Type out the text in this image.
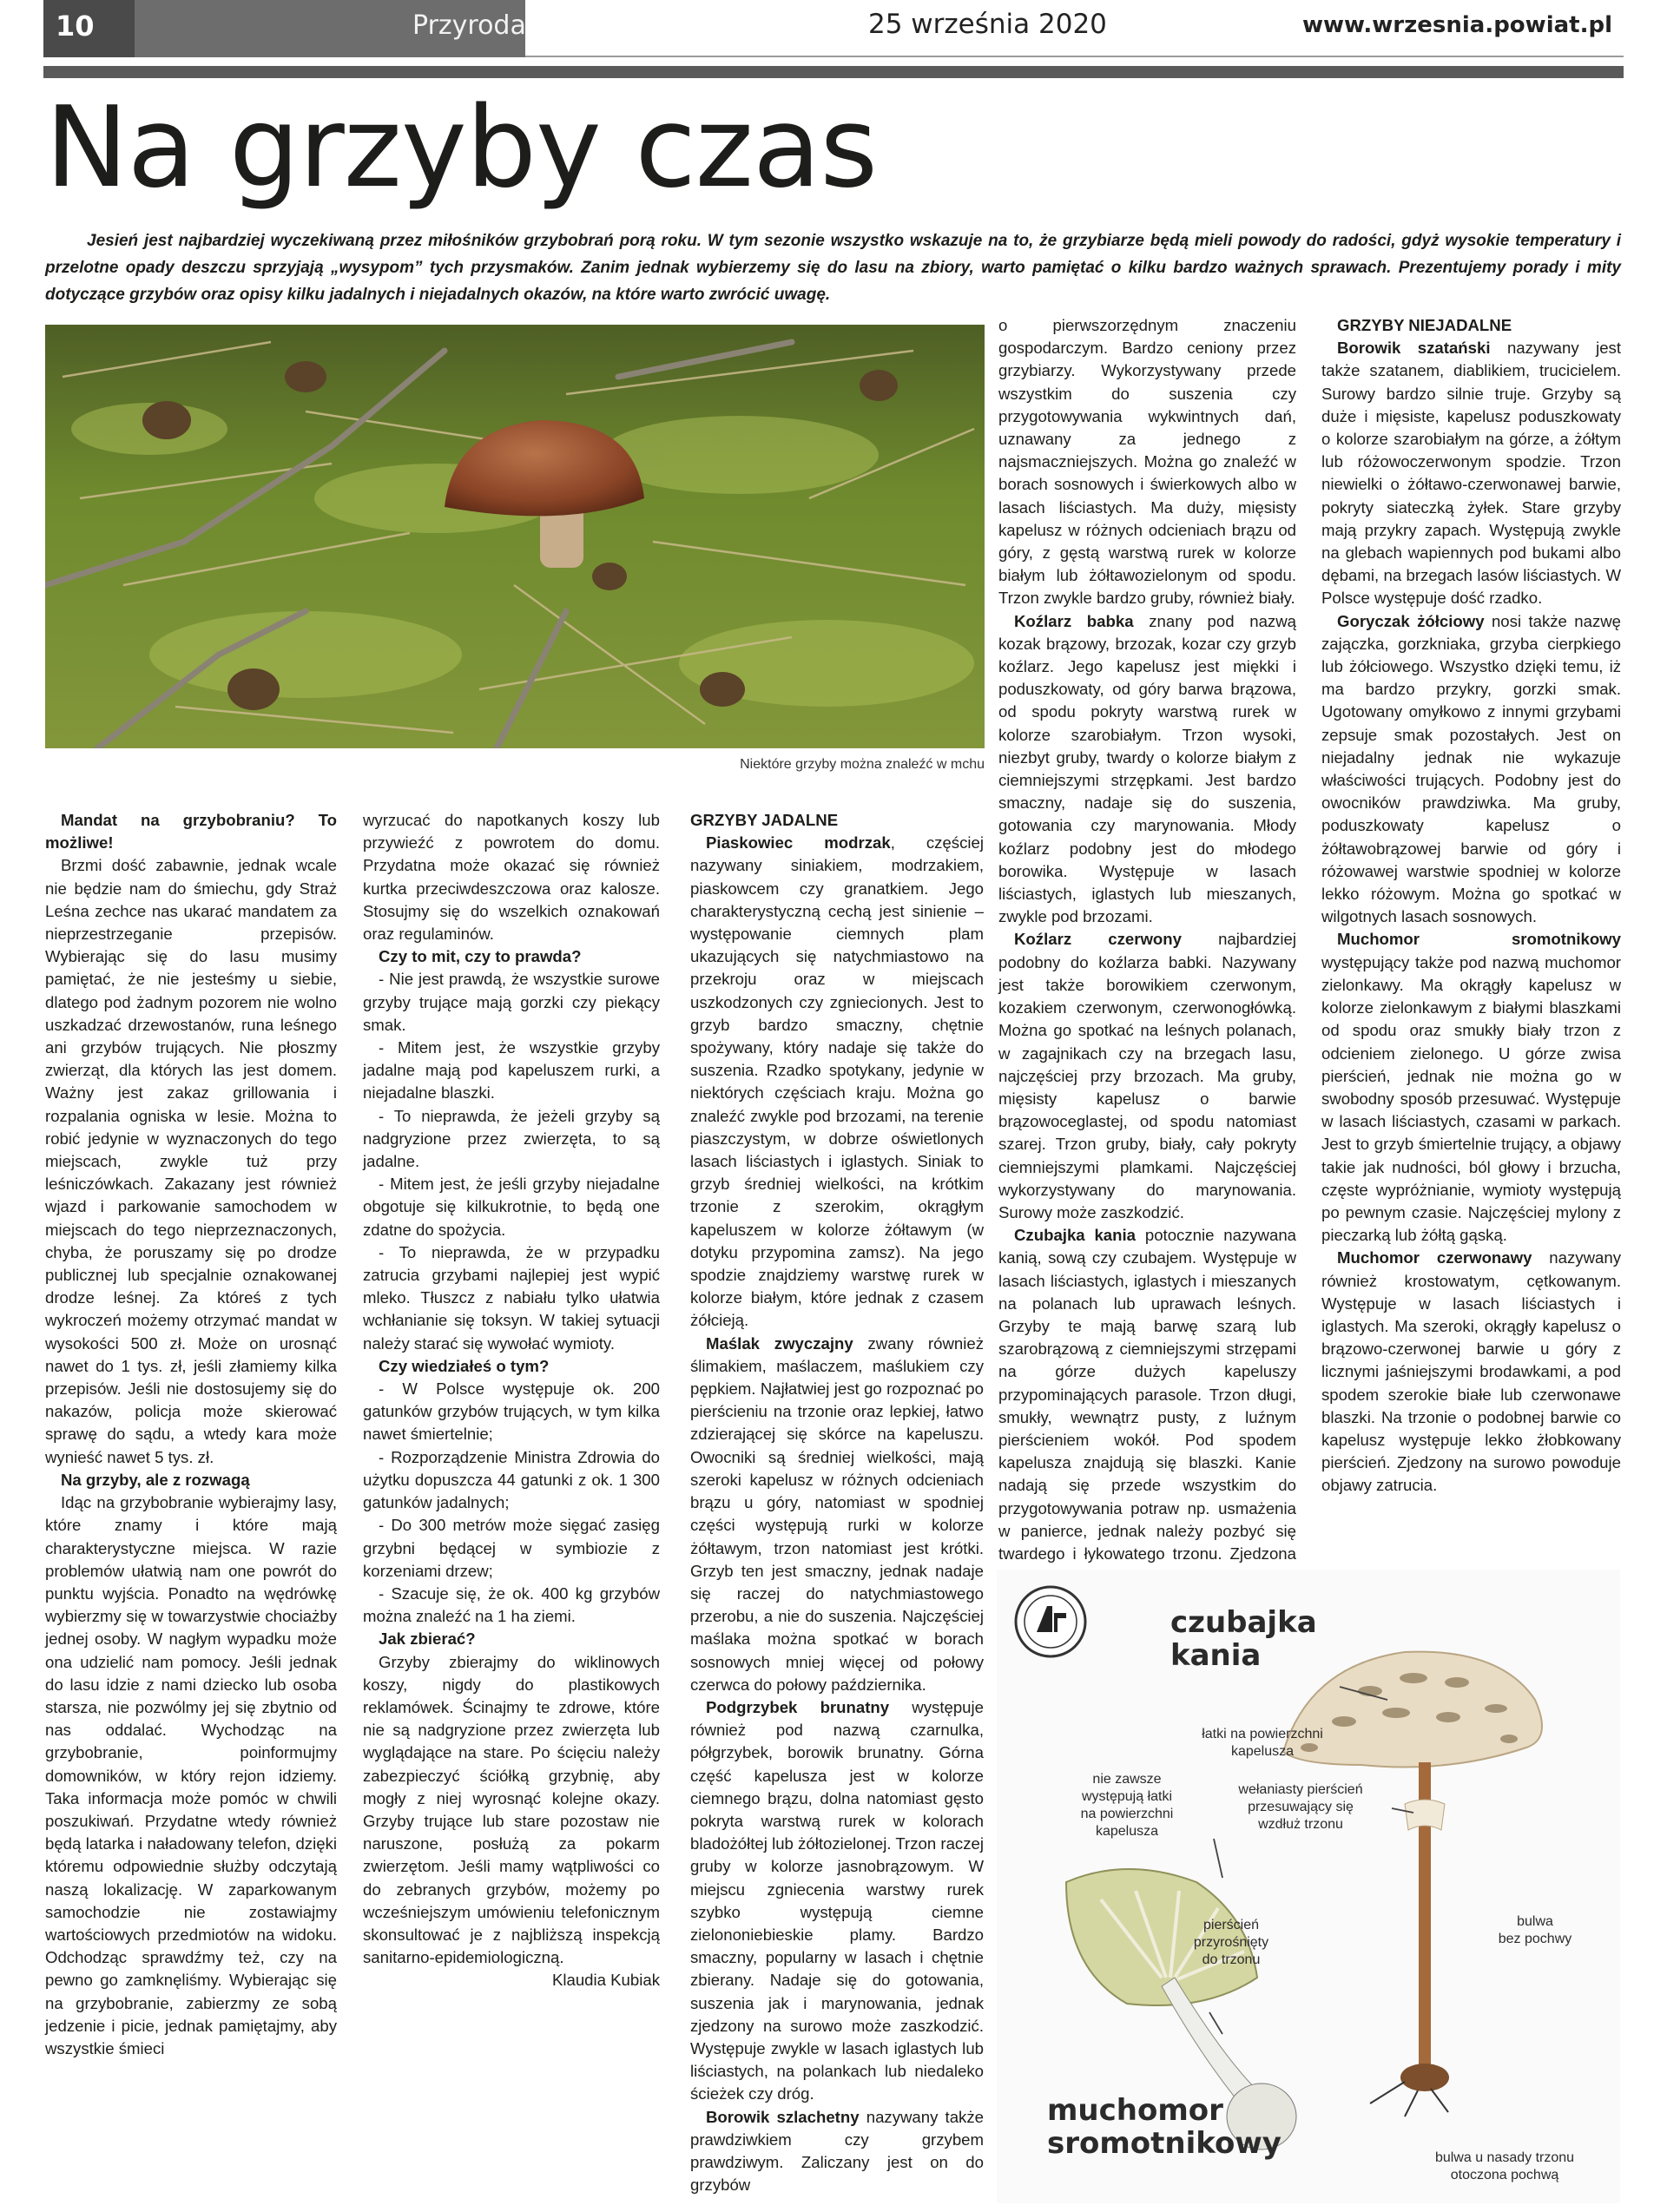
10	Przyroda	25 września 2020	www.wrzesnia.powiat.pl
Na grzyby czas
Jesień jest najbardziej wyczekiwaną przez miłośników grzybobrań porą roku. W tym sezonie wszystko wskazuje na to, że grzybiarze będą mieli powody do radości, gdyż wysokie temperatury i przelotne opady deszczu sprzyjają „wysypom” tych przysmaków. Zanim jednak wybierzemy się do lasu na zbiory, warto pamiętać o kilku bardzo ważnych sprawach. Prezentujemy porady i mity dotyczące grzybów oraz opisy kilku jadalnych i niejadalnych okazów, na które warto zwrócić uwagę.
Niektóre grzyby można znaleźć w mchu

Mandat na grzybobraniu? To możliwe!

Brzmi dość zabawnie, jednak wcale nie będzie nam do śmiechu, gdy Straż Leśna zechce nas ukarać mandatem za nieprzestrzeganie przepisów. Wybierając się do lasu musimy pamiętać, że nie jesteśmy u siebie, dlatego pod żadnym pozorem nie wolno uszkadzać drzewostanów, runa leśnego ani grzybów trujących. Nie płoszmy zwierząt, dla których las jest domem. Ważny jest zakaz grillowania i rozpalania ogniska w lesie. Można to robić jedynie w wyznaczonych do tego miejscach, zwykle tuż przy leśniczówkach. Zakazany jest również wjazd i parkowanie samochodem w miejscach do tego nieprzeznaczonych, chyba, że poruszamy się po drodze publicznej lub specjalnie oznakowanej drodze leśnej. Za któreś z tych wykroczeń możemy otrzymać mandat w wysokości 500 zł. Może on urosnąć nawet do 1 tys. zł, jeśli złamiemy kilka przepisów. Jeśli nie dostosujemy się do nakazów, policja może skierować sprawę do sądu, a wtedy kara może wynieść nawet 5 tys. zł.

Na grzyby, ale z rozwagą

Idąc na grzybobranie wybierajmy lasy, które znamy i które mają charakterystyczne miejsca. W razie problemów ułatwią nam one powrót do punktu wyjścia. Ponadto na wędrówkę wybierzmy się w towarzystwie chociażby jednej osoby. W nagłym wypadku może ona udzielić nam pomocy. Jeśli jednak do lasu idzie z nami dziecko lub osoba starsza, nie pozwólmy jej się zbytnio od nas oddalać. Wychodząc na grzybobranie, poinformujmy domowników, w który rejon idziemy. Taka informacja może pomóc w chwili poszukiwań. Przydatne wtedy również będą latarka i naładowany telefon, dzięki któremu odpowiednie służby odczytają naszą lokalizację. W zaparkowanym samochodzie nie zostawiajmy wartościowych przedmiotów na widoku. Odchodząc sprawdźmy też, czy na pewno go zamknęliśmy. Wybierając się na grzybobranie, zabierzmy ze sobą jedzenie i picie, jednak pamiętajmy, aby wszystkie śmieci

wyrzucać do napotkanych koszy lub przywieźć z powrotem do domu. Przydatna może okazać się również kurtka przeciwdeszczowa oraz kalosze. Stosujmy się do wszelkich oznakowań oraz regulaminów.

Czy to mit, czy to prawda?

- Nie jest prawdą, że wszystkie surowe grzyby trujące mają gorzki czy piekący smak.

- Mitem jest, że wszystkie grzyby jadalne mają pod kapeluszem rurki, a niejadalne blaszki.

- To nieprawda, że jeżeli grzyby są nadgryzione przez zwierzęta, to są jadalne.

- Mitem jest, że jeśli grzyby niejadalne obgotuje się kilkukrotnie, to będą one zdatne do spożycia.

- To nieprawda, że w przypadku zatrucia grzybami najlepiej jest wypić mleko. Tłuszcz z nabiału tylko ułatwia wchłanianie się toksyn. W takiej sytuacji należy starać się wywołać wymioty.

Czy wiedziałeś o tym?

- W Polsce występuje ok. 200 gatunków grzybów trujących, w tym kilka nawet śmiertelnie;

- Rozporządzenie Ministra Zdrowia do użytku dopuszcza 44 gatunki z ok. 1 300 gatunków jadalnych;

- Do 300 metrów może sięgać zasięg grzybni będącej w symbiozie z korzeniami drzew;

- Szacuje się, że ok. 400 kg grzybów można znaleźć na 1 ha ziemi.

Jak zbierać?

Grzyby zbierajmy do wiklinowych koszy, nigdy do plastikowych reklamówek. Ścinajmy te zdrowe, które nie są nadgryzione przez zwierzęta lub wyglądające na stare. Po ścięciu należy zabezpieczyć ściółką grzybnię, aby mogły z niej wyrosnąć kolejne okazy. Grzyby trujące lub stare pozostaw nie naruszone, posłużą za pokarm zwierzętom. Jeśli mamy wątpliwości co do zebranych grzybów, możemy po wcześniejszym umówieniu telefonicznym skonsultować je z najbliższą inspekcją sanitarno-epidemiologiczną.

Klaudia Kubiak

GRZYBY JADALNE

Piaskowiec modrzak, częściej nazywany siniakiem, modrzakiem, piaskowcem czy granatkiem. Jego charakterystyczną cechą jest sinienie – występowanie ciemnych plam ukazujących się natychmiastowo na przekroju oraz w miejscach uszkodzonych czy zgniecionych. Jest to grzyb bardzo smaczny, chętnie spożywany, który nadaje się także do suszenia. Rzadko spotykany, jedynie w niektórych częściach kraju. Można go znaleźć zwykle pod brzozami, na terenie piaszczystym, w dobrze oświetlonych lasach liściastych i iglastych. Siniak to grzyb średniej wielkości, na krótkim trzonie z szerokim, okrągłym kapeluszem w kolorze żółtawym (w dotyku przypomina zamsz). Na jego spodzie znajdziemy warstwę rurek w kolorze białym, które jednak z czasem żółcieją.

Maślak zwyczajny zwany również ślimakiem, maślaczem, maślukiem czy pępkiem. Najłatwiej jest go rozpoznać po pierścieniu na trzonie oraz lepkiej, łatwo zdzierającej się skórce na kapeluszu. Owocniki są średniej wielkości, mają szeroki kapelusz w różnych odcieniach brązu u góry, natomiast w spodniej części występują rurki w kolorze żółtawym, trzon natomiast jest krótki. Grzyb ten jest smaczny, jednak nadaje się raczej do natychmiastowego przerobu, a nie do suszenia. Najczęściej maślaka można spotkać w borach sosnowych mniej więcej od połowy czerwca do połowy października.

Podgrzybek brunatny występuje również pod nazwą czarnulka, półgrzybek, borowik brunatny. Górna część kapelusza jest w kolorze ciemnego brązu, dolna natomiast gęsto pokryta warstwą rurek w kolorach bladożółtej lub żółtozielonej. Trzon raczej gruby w kolorze jasnobrązowym. W miejscu zgniecenia warstwy rurek szybko występują ciemne zielononiebieskie plamy. Bardzo smaczny, popularny w lasach i chętnie zbierany. Nadaje się do gotowania, suszenia jak i marynowania, jednak zjedzony na surowo może zaszkodzić. Występuje zwykle w lasach iglastych lub liściastych, na polankach lub niedaleko ścieżek czy dróg.

Borowik szlachetny nazywany także prawdziwkiem czy grzybem prawdziwym. Zaliczany jest on do grzybów

o pierwszorzędnym znaczeniu gospodarczym. Bardzo ceniony przez grzybiarzy. Wykorzystywany przede wszystkim do suszenia czy przygotowywania wykwintnych dań, uznawany za jednego z najsmaczniejszych. Można go znaleźć w borach sosnowych i świerkowych albo w lasach liściastych. Ma duży, mięsisty kapelusz w różnych odcieniach brązu od góry, z gęstą warstwą rurek w kolorze białym lub żółtawozielonym od spodu. Trzon zwykle bardzo gruby, również biały.

Koźlarz babka znany pod nazwą kozak brązowy, brzozak, kozar czy grzyb koźlarz. Jego kapelusz jest miękki i poduszkowaty, od góry barwa brązowa, od spodu pokryty warstwą rurek w kolorze szarobiałym. Trzon wysoki, niezbyt gruby, twardy o kolorze białym z ciemniejszymi strzępkami. Jest bardzo smaczny, nadaje się do suszenia, gotowania czy marynowania. Młody koźlarz podobny jest do młodego borowika. Występuje w lasach liściastych, iglastych lub mieszanych, zwykle pod brzozami.

Koźlarz czerwony najbardziej podobny do koźlarza babki. Nazywany jest także borowikiem czerwonym, kozakiem czerwonym, czerwonogłówką. Można go spotkać na leśnych polanach, w zagajnikach czy na brzegach lasu, najczęściej przy brzozach. Ma gruby, mięsisty kapelusz o barwie brązowoceglastej, od spodu natomiast szarej. Trzon gruby, biały, cały pokryty ciemniejszymi plamkami. Najczęściej wykorzystywany do marynowania. Surowy może zaszkodzić.

Czubajka kania potocznie nazywana kanią, sową czy czubajem. Występuje w lasach liściastych, iglastych i mieszanych na polanach lub uprawach leśnych. Grzyby te mają barwę szarą lub szarobrązową z ciemniejszymi strzępami na górze dużych kapeluszy przypominających parasole. Trzon długi, smukły, wewnątrz pusty, z luźnym pierścieniem wokół. Pod spodem kapelusza znajdują się blaszki. Kanie nadają się przede wszystkim do przygotowywania potraw np. usmażenia w panierce, jednak należy pozbyć się twardego i łykowatego trzonu. Zjedzona

GRZYBY NIEJADALNE

Borowik szatański nazywany jest także szatanem, diablikiem, trucicielem. Surowy bardzo silnie truje. Grzyby są duże i mięsiste, kapelusz poduszkowaty o kolorze szarobiałym na górze, a żółtym lub różowoczerwonym spodzie. Trzon niewielki o żółtawo-czerwonawej barwie, pokryty siateczką żyłek. Stare grzyby mają przykry zapach. Występują zwykle na glebach wapiennych pod bukami albo dębami, na brzegach lasów liściastych. W Polsce występuje dość rzadko.

Goryczak żółciowy nosi także nazwę zajączka, gorzkniaka, grzyba cierpkiego lub żółciowego. Wszystko dzięki temu, iż ma bardzo przykry, gorzki smak. Ugotowany omyłkowo z innymi grzybami zepsuje smak pozostałych. Jest on niejadalny jednak nie wykazuje właściwości trujących. Podobny jest do owocników prawdziwka. Ma gruby, poduszkowaty kapelusz o żółtawobrązowej barwie od góry i różowawej warstwie spodniej w kolorze lekko różowym. Można go spotkać w wilgotnych lasach sosnowych.

Muchomor sromotnikowy występujący także pod nazwą muchomor zielonkawy. Ma okrągły kapelusz w kolorze zielonkawym z białymi blaszkami od spodu oraz smukły biały trzon z odcieniem zielonego. U górze zwisa pierścień, jednak nie można go w swobodny sposób przesuwać. Występuje w lasach liściastych, czasami w parkach. Jest to grzyb śmiertelnie trujący, a objawy takie jak nudności, ból głowy i brzucha, częste wypróżnianie, wymioty występują po pewnym czasie. Najczęściej mylony z pieczarką lub żółtą gąską.

Muchomor czerwonawy nazywany również krostowatym, cętkowanym. Występuje w lasach liściastych i iglastych. Ma szeroki, okrągły kapelusz o brązowo-czerwonej barwie u góry z licznymi jaśniejszymi brodawkami, a pod spodem szerokie białe lub czerwonawe blaszki. Na trzonie o podobnej barwie co kapelusz występuje lekko żłobkowany pierścień. Zjedzony na surowo powoduje objawy zatrucia.

czubajka
kania
łatki na powierzchni
kapelusza
nie zawsze
występują łatki
na powierzchni
kapelusza
wełaniasty pierścień
przesuwający się
wzdłuż trzonu
pierścień
przyrośnięty
do trzonu
bulwa
bez pochwy
muchomor
sromotnikowy	bulwa u nasady trzonu
otoczona pochwą
